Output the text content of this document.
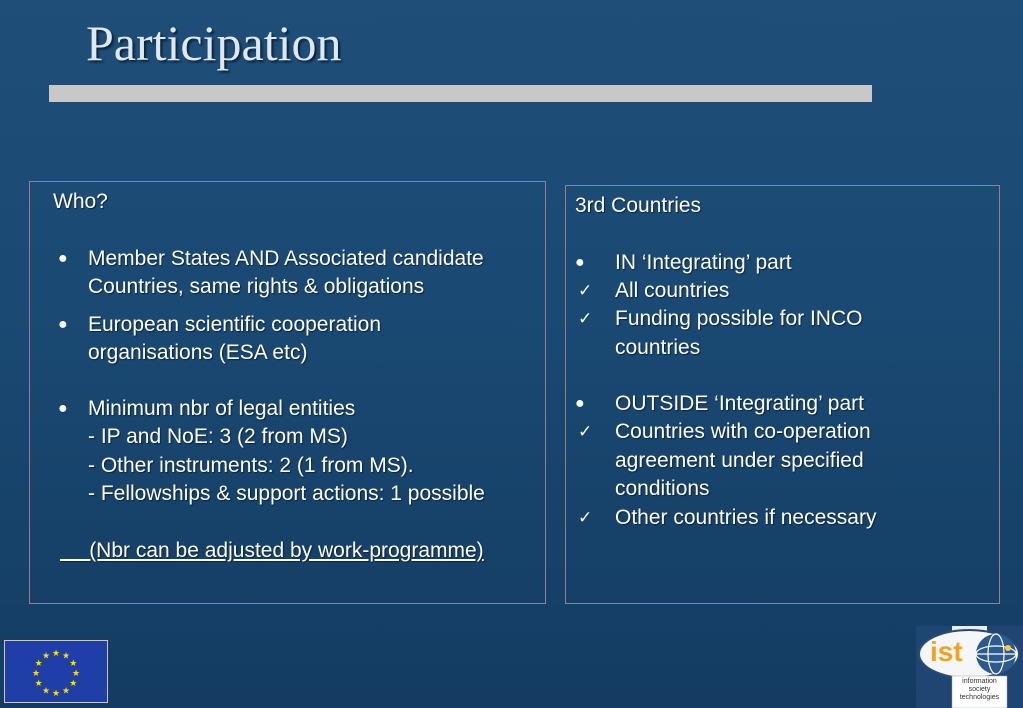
Participation
Who?
● Member States AND Associated candidate
Countries, same rights & obligations
● European scientific cooperation
organisations (ESA etc)
● Minimum nbr of legal entities
- IP and NoE: 3 (2 from MS)
- Other instruments: 2 (1 from MS).
- Fellowships & support actions: 1 possible
(Nbr can be adjusted by work-programme)
3rd Countries
● IN ‘Integrating’ part
✓ All countries
✓ Funding possible for INCO
countries
● OUTSIDE ‘Integrating’ part
✓ Countries with co-operation
agreement under specified
conditions
✓ Other countries if necessary
★ ★
★
★
★
★
★
★
★
★
★
★	ist
information
society
technologies
